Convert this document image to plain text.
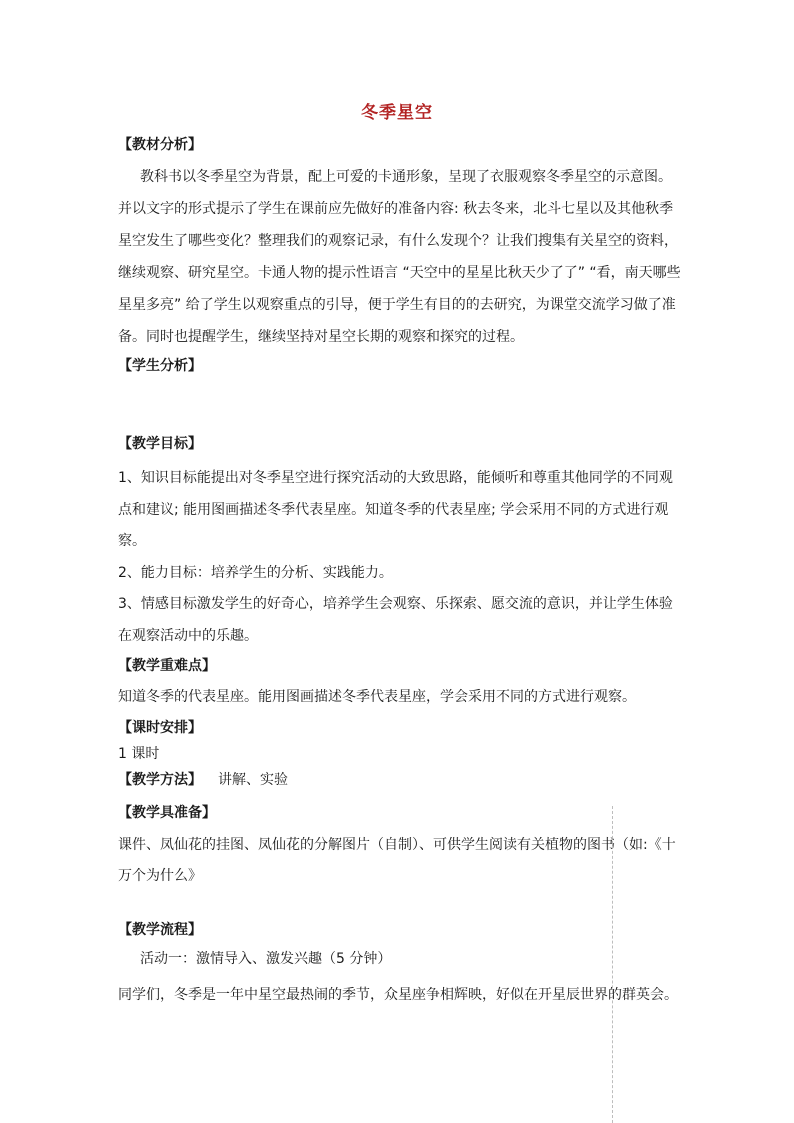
冬季星空
【教材分析】
教科书以冬季星空为背景，配上可爱的卡通形象，呈现了衣服观察冬季星空的示意图。
并以文字的形式提示了学生在课前应先做好的准备内容: 秋去冬来，北斗七星以及其他秋季
星空发生了哪些变化？整理我们的观察记录，有什么发现个？让我们搜集有关星空的资料，
继续观察、研究星空。卡通人物的提示性语言 “天空中的星星比秋天少了了” “看，南天哪些
星星多亮” 给了学生以观察重点的引导，便于学生有目的的去研究，为课堂交流学习做了准
备。同时也提醒学生，继续坚持对星空长期的观察和探究的过程。
【学生分析】
【教学目标】
1、知识目标能提出对冬季星空进行探究活动的大致思路，能倾听和尊重其他同学的不同观
点和建议; 能用图画描述冬季代表星座。知道冬季的代表星座; 学会采用不同的方式进行观
察。
2、能力目标：培养学生的分析、实践能力。
3、情感目标激发学生的好奇心，培养学生会观察、乐探索、愿交流的意识，并让学生体验
在观察活动中的乐趣。
【教学重难点】
知道冬季的代表星座。能用图画描述冬季代表星座，学会采用不同的方式进行观察。
【课时安排】
1 课时
【教学方法】 讲解、实验
【教学具准备】
课件、凤仙花的挂图、凤仙花的分解图片（自制）、可供学生阅读有关植物的图书（如:《十
万个为什么》
【教学流程】
活动一：激情导入、激发兴趣（5 分钟）
同学们，冬季是一年中星空最热闹的季节，众星座争相辉映，好似在开星辰世界的群英会。
